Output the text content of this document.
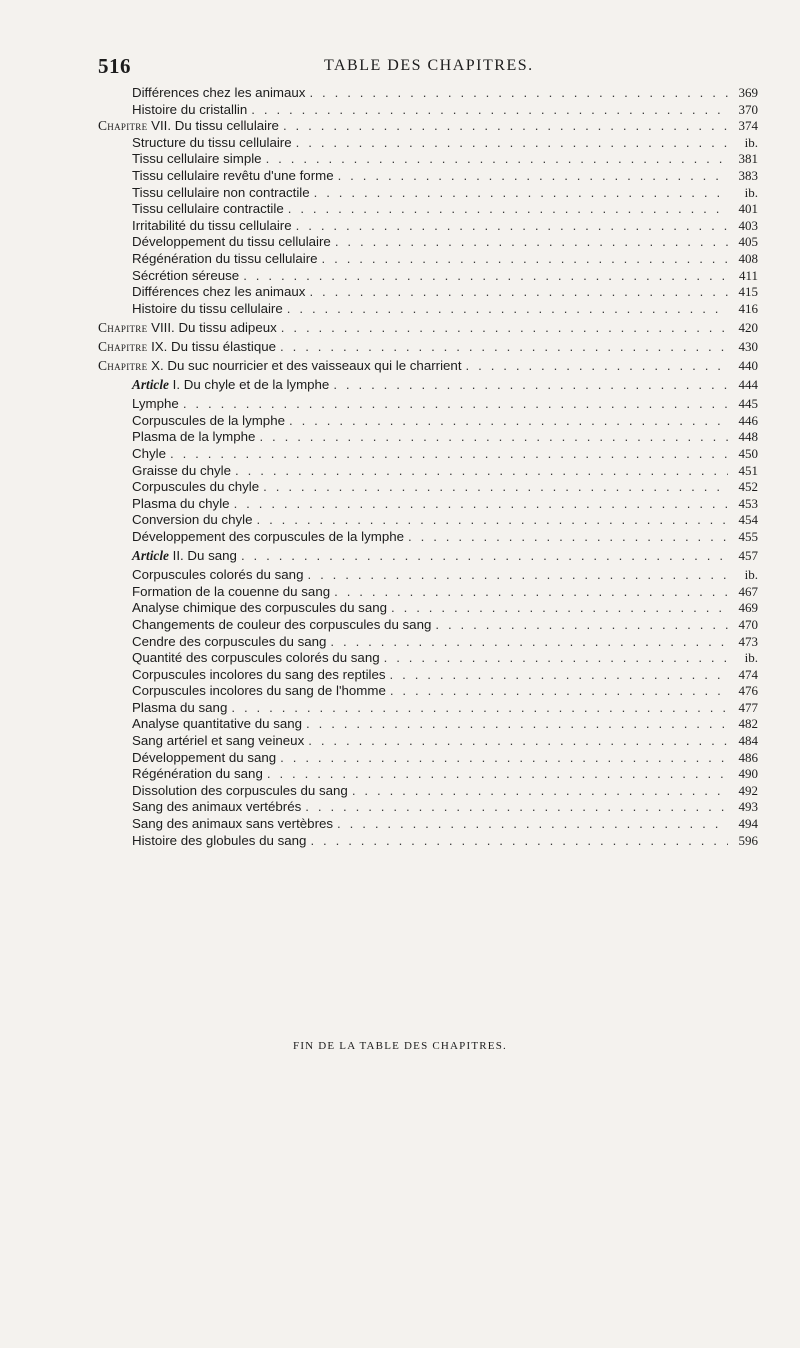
516	TABLE DES CHAPITRES.
Différences chez les animaux . . .	369
Histoire du cristallin . . .	370
Chapitre VII. Du tissu cellulaire . . .	374
Structure du tissu cellulaire . . .	ib.
Tissu cellulaire simple . . .	381
Tissu cellulaire revêtu d'une forme . . .	383
Tissu cellulaire non contractile . . .	ib.
Tissu cellulaire contractile . . .	401
Irritabilité du tissu cellulaire . . .	403
Développement du tissu cellulaire . . .	405
Régénération du tissu cellulaire . . .	408
Sécrétion séreuse . . .	411
Différences chez les animaux . . .	415
Histoire du tissu cellulaire . . .	416
Chapitre VIII. Du tissu adipeux . . .	420
Chapitre IX. Du tissu élastique . . .	430
Chapitre X. Du suc nourricier et des vaisseaux qui le charrient . . .	440
Article I. Du chyle et de la lymphe . . .	444
Lymphe . . .	445
Corpuscules de la lymphe . . .	446
Plasma de la lymphe . . .	448
Chyle . . .	450
Graisse du chyle . . .	451
Corpuscules du chyle . . .	452
Plasma du chyle . . .	453
Conversion du chyle . . .	454
Développement des corpuscules de la lymphe . . .	455
Article II. Du sang . . .	457
Corpuscules colorés du sang . . .	ib.
Formation de la couenne du sang . . .	467
Analyse chimique des corpuscules du sang . . .	469
Changements de couleur des corpuscules du sang . . .	470
Cendre des corpuscules du sang . . .	473
Quantité des corpuscules colorés du sang . . .	ib.
Corpuscules incolores du sang des reptiles . . .	474
Corpuscules incolores du sang de l'homme . . .	476
Plasma du sang . . .	477
Analyse quantitative du sang . . .	482
Sang artériel et sang veineux . . .	484
Développement du sang . . .	486
Régénération du sang . . .	490
Dissolution des corpuscules du sang . . .	492
Sang des animaux vertébrés . . .	493
Sang des animaux sans vertèbres . . .	494
Histoire des globules du sang . . .	596
FIN DE LA TABLE DES CHAPITRES.
